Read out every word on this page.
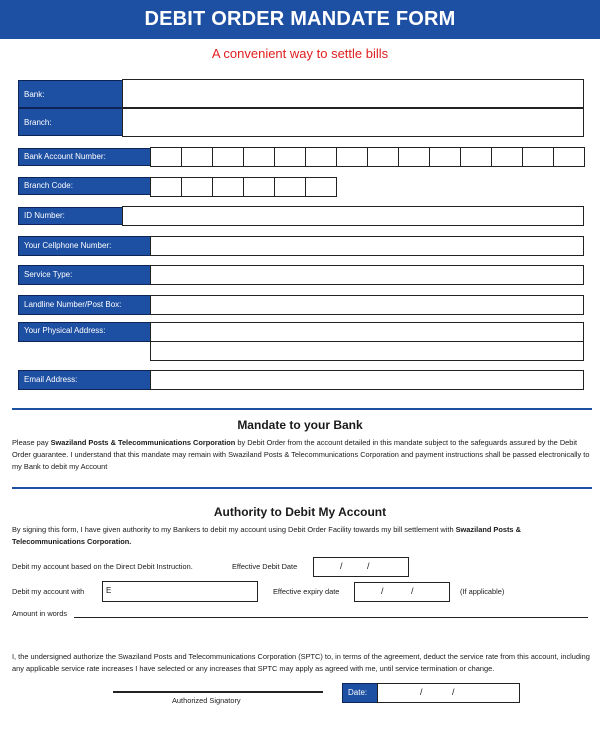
DEBIT ORDER MANDATE FORM
A convenient way to settle bills
Bank:
Branch:
Bank Account Number:
Branch Code:
ID Number:
Your Cellphone Number:
Service Type:
Landline Number/Post Box:
Your Physical Address:
Email Address:
Mandate to your Bank
Please pay Swaziland Posts & Telecommunications Corporation by Debit Order from the account detailed in this mandate subject to the safeguards assured by the Debit Order guarantee. I understand that this mandate may remain with Swaziland Posts & Telecommunications Corporation and payment instructions shall be passed electronically to my Bank to debit my Account
Authority to Debit My Account
By signing this form, I have given authority to my Bankers to debit my account using Debit Order Facility towards my bill settlement with Swaziland Posts & Telecommunications Corporation.
Debit my account based on the Direct Debit Instruction.	Effective Debit Date	/	/
Debit my account with	E	Effective expiry date	/	/	(If applicable)
Amount in words
I, the undersigned authorize the Swaziland Posts and Telecommunications Corporation (SPTC) to, in terms of the agreement, deduct the service rate from this account, including any applicable service rate increases I have selected or any increases that SPTC may apply as agreed with me, until service termination or change.
Authorized Signatory
Date:	/	/
